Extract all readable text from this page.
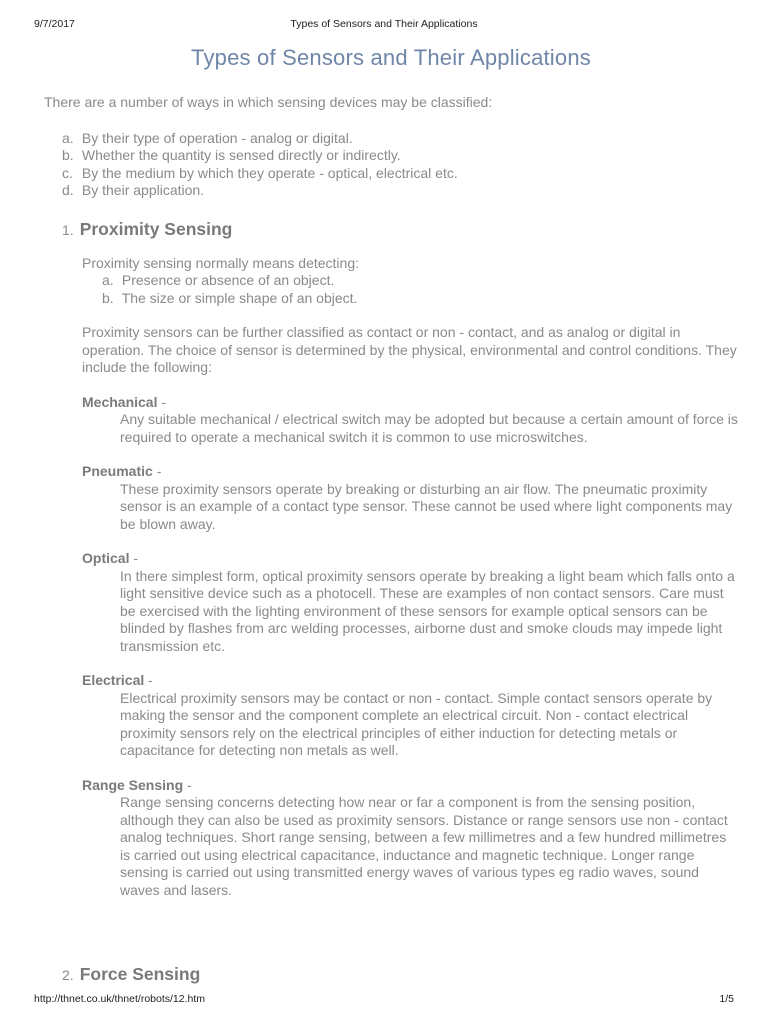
9/7/2017	Types of Sensors and Their Applications
Types of Sensors and Their Applications

There are a number of ways in which sensing devices may be classified:

a. By their type of operation - analog or digital.
b. Whether the quantity is sensed directly or indirectly.
c. By the medium by which they operate - optical, electrical etc.
d. By their application.
1. Proximity Sensing
Proximity sensing normally means detecting:
a. Presence or absence of an object.
b. The size or simple shape of an object.
Proximity sensors can be further classified as contact or non - contact, and as analog or digital in operation. The choice of sensor is determined by the physical, environmental and control conditions. They include the following:
Mechanical -
Any suitable mechanical / electrical switch may be adopted but because a certain amount of force is required to operate a mechanical switch it is common to use microswitches.
Pneumatic -
These proximity sensors operate by breaking or disturbing an air flow. The pneumatic proximity sensor is an example of a contact type sensor. These cannot be used where light components may be blown away.
Optical -
In there simplest form, optical proximity sensors operate by breaking a light beam which falls onto a light sensitive device such as a photocell. These are examples of non contact sensors. Care must be exercised with the lighting environment of these sensors for example optical sensors can be blinded by flashes from arc welding processes, airborne dust and smoke clouds may impede light transmission etc.
Electrical -
Electrical proximity sensors may be contact or non - contact. Simple contact sensors operate by making the sensor and the component complete an electrical circuit. Non - contact electrical proximity sensors rely on the electrical principles of either induction for detecting metals or capacitance for detecting non metals as well.
Range Sensing -
Range sensing concerns detecting how near or far a component is from the sensing position, although they can also be used as proximity sensors. Distance or range sensors use non - contact analog techniques. Short range sensing, between a few millimetres and a few hundred millimetres is carried out using electrical capacitance, inductance and magnetic technique. Longer range sensing is carried out using transmitted energy waves of various types eg radio waves, sound waves and lasers.
2. Force Sensing
http://thnet.co.uk/thnet/robots/12.htm	1/5
